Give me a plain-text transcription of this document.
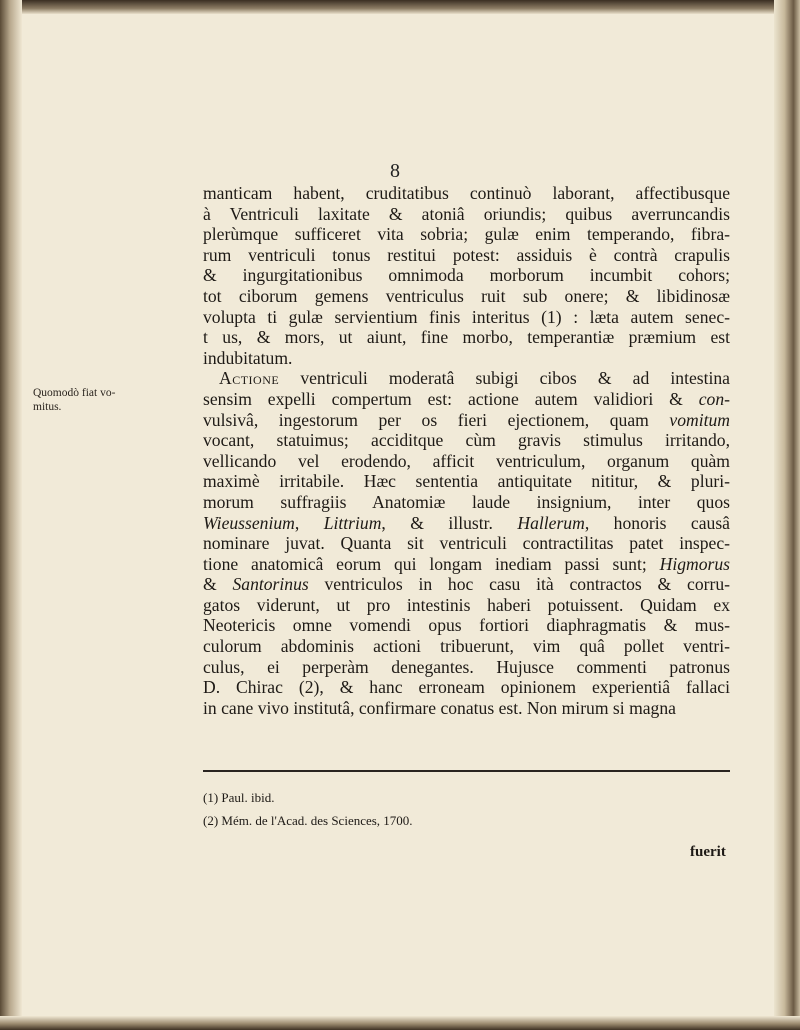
8
Quomodò fiat vo-
mitus.
manticam habent, cruditatibus continuò laborant, affectibusque
à Ventriculi laxitate & atoniâ oriundis; quibus averruncandis
plerùmque sufficeret vita sobria; gulæ enim temperando, fibra-
rum ventriculi tonus restitui potest: assiduis è contrà crapulis
& ingurgitationibus omnimoda morborum incumbit cohors;
tot ciborum gemens ventriculus ruit sub onere; & libidinosæ
volupta ti gulæ servientium finis interitus (1) : læta autem senec-
t us, & mors, ut aiunt, fine morbo, temperantiæ præmium est
indubitatum.
Actione ventriculi moderatâ subigi cibos & ad intestina
sensim expelli compertum est: actione autem validiori & con-
vulsivâ, ingestorum per os fieri ejectionem, quam vomitum
vocant, statuimus; acciditque cùm gravis stimulus irritando,
vellicando vel erodendo, afficit ventriculum, organum quàm
maximè irritabile. Hæc sententia antiquitate nititur, & pluri-
morum suffragiis Anatomiæ laude insignium, inter quos
Wieussenium, Littrium, & illustr. Hallerum, honoris causâ
nominare juvat. Quanta sit ventriculi contractilitas patet inspec-
tione anatomicâ eorum qui longam inediam passi sunt; Higmorus
& Santorinus ventriculos in hoc casu ità contractos & corru-
gatos viderunt, ut pro intestinis haberi potuissent. Quidam ex
Neotericis omne vomendi opus fortiori diaphragmatis & mus-
culorum abdominis actioni tribuerunt, vim quâ pollet ventri-
culus, ei perperàm denegantes. Hujusce commenti patronus
D. Chirac (2), & hanc erroneam opinionem experientiâ fallaci
in cane vivo institutâ, confirmare conatus est. Non mirum si magna
(1) Paul. ibid.
(2) Mém. de l'Acad. des Sciences, 1700.
fuerit
